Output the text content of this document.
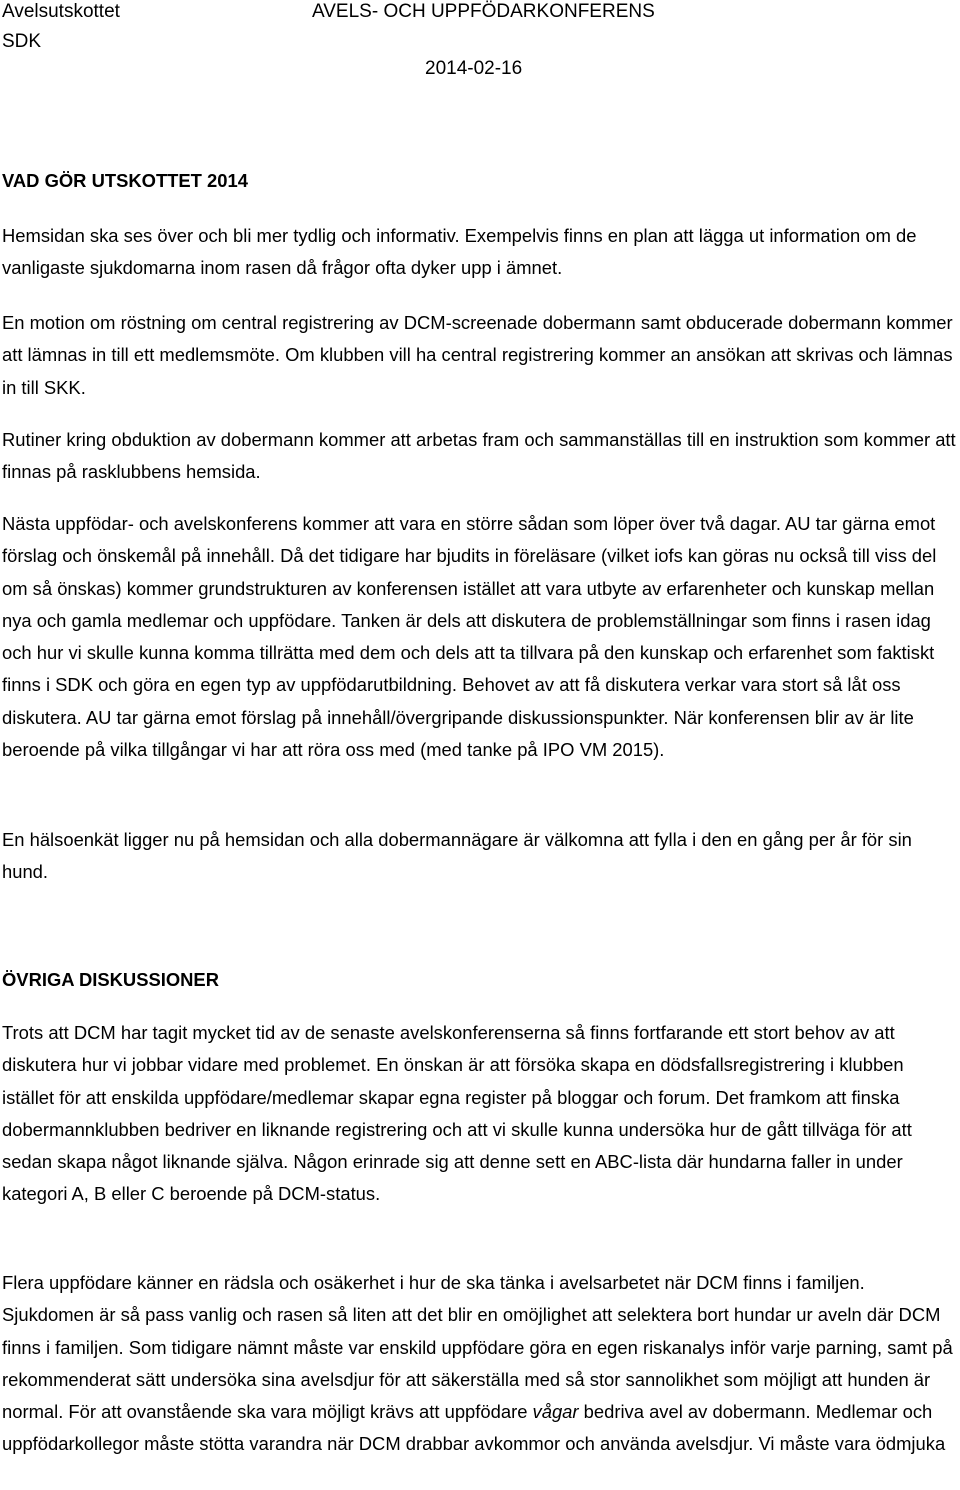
Avelsutskottet
SDK
AVELS- OCH UPPFÖDARKONFERENS
2014-02-16
VAD GÖR UTSKOTTET 2014

Hemsidan ska ses över och bli mer tydlig och informativ. Exempelvis finns en plan att lägga ut information om de vanligaste sjukdomarna inom rasen då frågor ofta dyker upp i ämnet.

En motion om röstning om central registrering av DCM-screenade dobermann samt obducerade dobermann kommer att lämnas in till ett medlemsmöte. Om klubben vill ha central registrering kommer an ansökan att skrivas och lämnas in till SKK.

Rutiner kring obduktion av dobermann kommer att arbetas fram och sammanställas till en instruktion som kommer att finnas på rasklubbens hemsida.

Nästa uppfödar- och avelskonferens kommer att vara en större sådan som löper över två dagar. AU tar gärna emot förslag och önskemål på innehåll. Då det tidigare har bjudits in föreläsare (vilket iofs kan göras nu också till viss del om så önskas) kommer grundstrukturen av konferensen istället att vara utbyte av erfarenheter och kunskap mellan nya och gamla medlemar och uppfödare. Tanken är dels att diskutera de problemställningar som finns i rasen idag och hur vi skulle kunna komma tillrätta med dem och dels att ta tillvara på den kunskap och erfarenhet som faktiskt finns i SDK och göra en egen typ av uppfödarutbildning. Behovet av att få diskutera verkar vara stort så låt oss diskutera. AU tar gärna emot förslag på innehåll/övergripande diskussionspunkter. När konferensen blir av är lite beroende på vilka tillgångar vi har att röra oss med (med tanke på IPO VM 2015).

En hälsoenkät ligger nu på hemsidan och alla dobermannägare är välkomna att fylla i den en gång per år för sin hund.

ÖVRIGA DISKUSSIONER

Trots att DCM har tagit mycket tid av de senaste avelskonferenserna så finns fortfarande ett stort behov av att diskutera hur vi jobbar vidare med problemet. En önskan är att försöka skapa en dödsfallsregistrering i klubben istället för att enskilda uppfödare/medlemar skapar egna register på bloggar och forum. Det framkom att finska dobermannklubben bedriver en liknande registrering och att vi skulle kunna undersöka hur de gått tillväga för att sedan skapa något liknande själva. Någon erinrade sig att denne sett en ABC-lista där hundarna faller in under kategori A, B eller C beroende på DCM-status.

Flera uppfödare känner en rädsla och osäkerhet i hur de ska tänka i avelsarbetet när DCM finns i familjen. Sjukdomen är så pass vanlig och rasen så liten att det blir en omöjlighet att selektera bort hundar ur aveln där DCM finns i familjen. Som tidigare nämnt måste var enskild uppfödare göra en egen riskanalys inför varje parning, samt på rekommenderat sätt undersöka sina avelsdjur för att säkerställa med så stor sannolikhet som möjligt att hunden är normal. För att ovanstående ska vara möjligt krävs att uppfödare vågar bedriva avel av dobermann. Medlemar och uppfödarkollegor måste stötta varandra när DCM drabbar avkommor och använda avelsdjur. Vi måste vara ödmjuka
